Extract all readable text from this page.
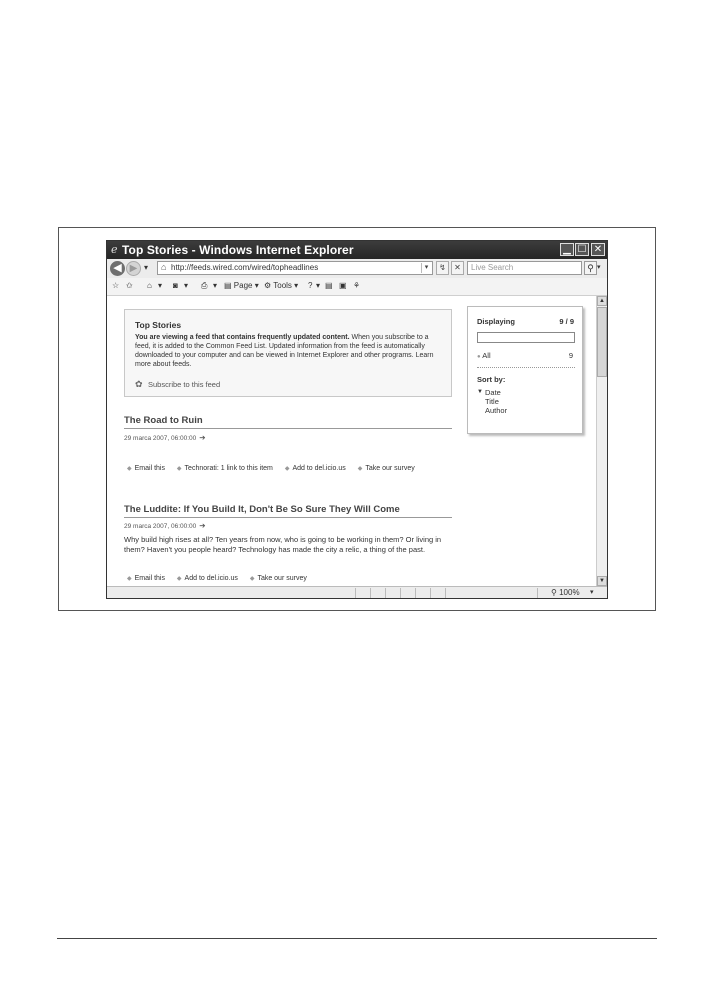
e Top Stories - Windows Internet Explorer	▁ ☐ ✕
◀ ▶ ▾ ⌂ http://feeds.wired.com/wired/topheadlines	▾	↯	✕	Live Search	⚲ ▾
☆ ✩ ⌂ ▾ ◙ ▾ ⎙ ▾ ▤ Page ▾ ⚙ Tools ▾ ? ▾ ▤ ▣ ⚘
Top Stories
You are viewing a feed that contains frequently updated content. When you subscribe to a feed, it is added to the Common Feed List. Updated information from the feed is automatically downloaded to your computer and can be viewed in Internet Explorer and other programs. Learn more about feeds.
✿ Subscribe to this feed
Displaying	9 / 9
● All	9
Sort by:
▼ Date
Title
Author
The Road to Ruin
29 marca 2007, 06:00:00 ➔
◆ Email this ◆ Technorati: 1 link to this item ◆ Add to del.icio.us ◆ Take our survey
The Luddite: If You Build It, Don't Be So Sure They Will Come
29 marca 2007, 06:00:00 ➔
Why build high rises at all? Ten years from now, who is going to be working in them? Or living in them? Haven't you people heard? Technology has made the city a relic, a thing of the past.
◆ Email this ◆ Add to del.icio.us ◆ Take our survey
▲
▼
⚲ 100% ▾
